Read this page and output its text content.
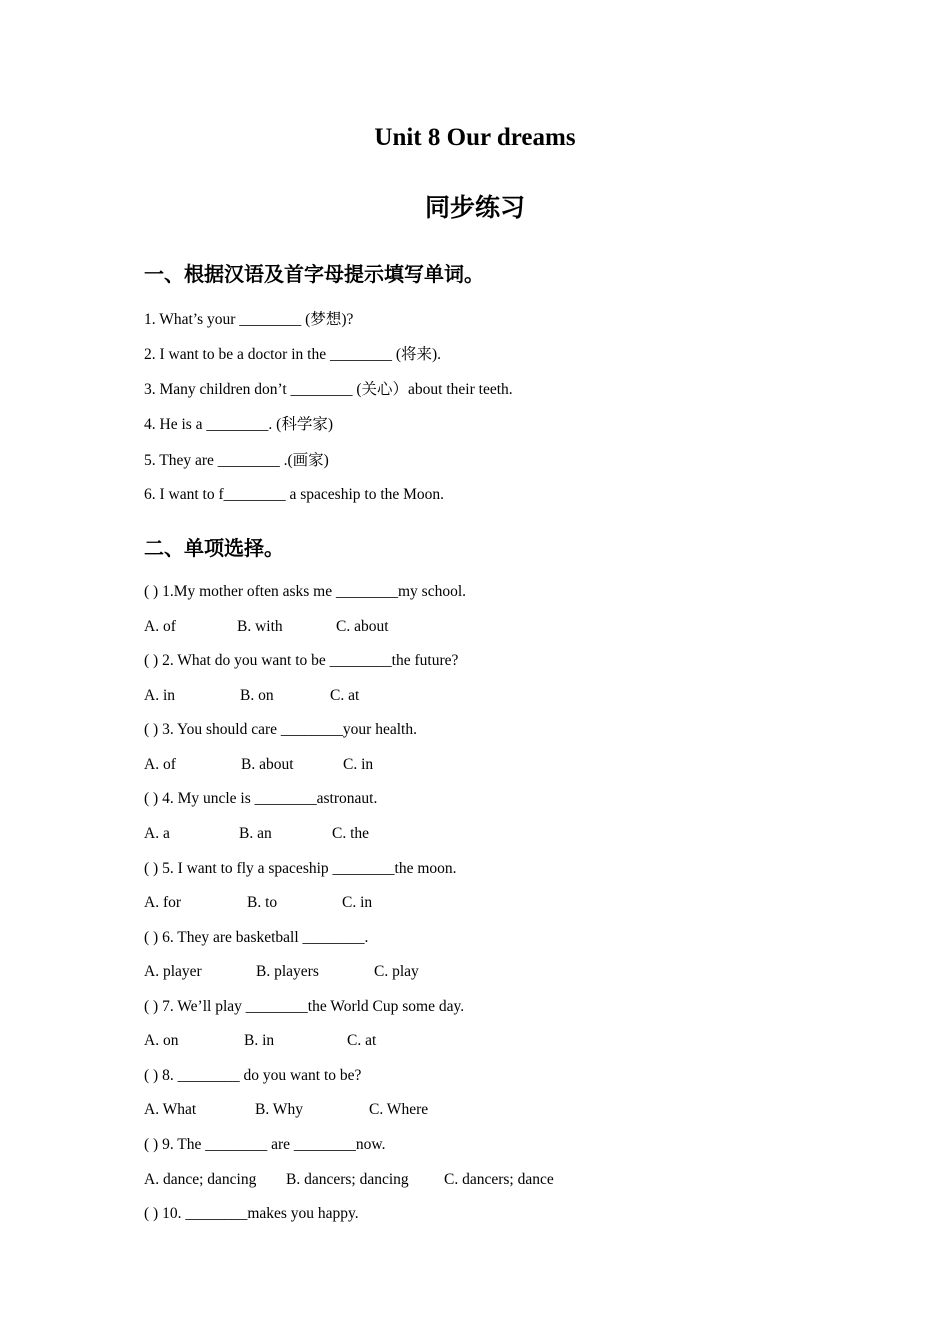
Unit 8 Our dreams
同步练习
一、根据汉语及首字母提示填写单词。
1. What’s your ________ (梦想)?
2. I want to be a doctor in the ________ (将来).
3. Many children don’t ________ (关心）about their teeth.
4. He is a ________. (科学家)
5. They are ________ .(画家)
6. I want to f________ a spaceship to the Moon.
二、单项选择。
( ) 1.My mother often asks me ________my school.
A. of	B. with	C. about
( ) 2. What do you want to be ________the future?
A. in	B. on	C. at
( ) 3. You should care ________your health.
A. of	B. about	C. in
( ) 4. My uncle is ________astronaut.
A. a	B. an	C. the
( ) 5. I want to fly a spaceship ________the moon.
A. for	B. to	C. in
( ) 6. They are basketball ________.
A. player	B. players	C. play
( ) 7. We’ll play ________the World Cup some day.
A. on	B. in	C. at
( ) 8. ________ do you want to be?
A. What	B. Why	C. Where
( ) 9. The ________ are ________now.
A. dance; dancing B. dancers; dancing C. dancers; dance
( ) 10. ________makes you happy.
